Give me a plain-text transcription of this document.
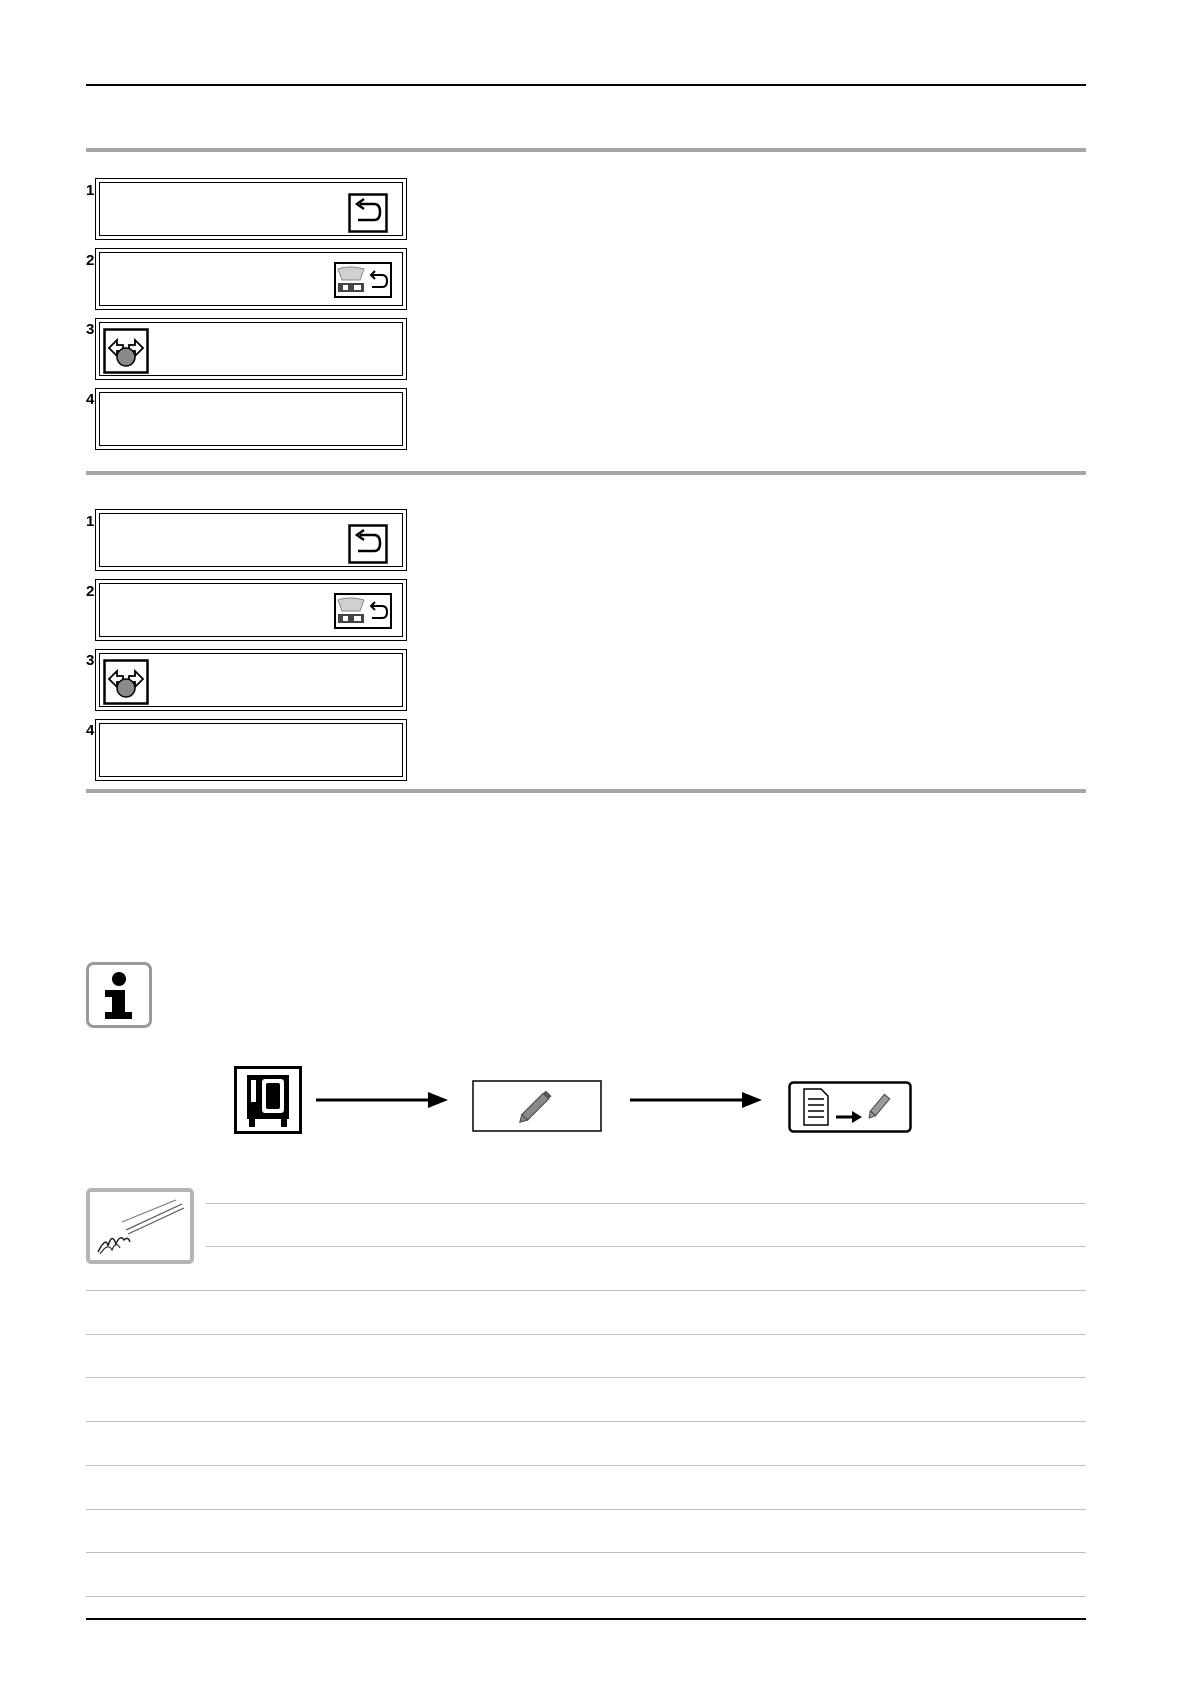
1
2
3
4
1
2
3
4
